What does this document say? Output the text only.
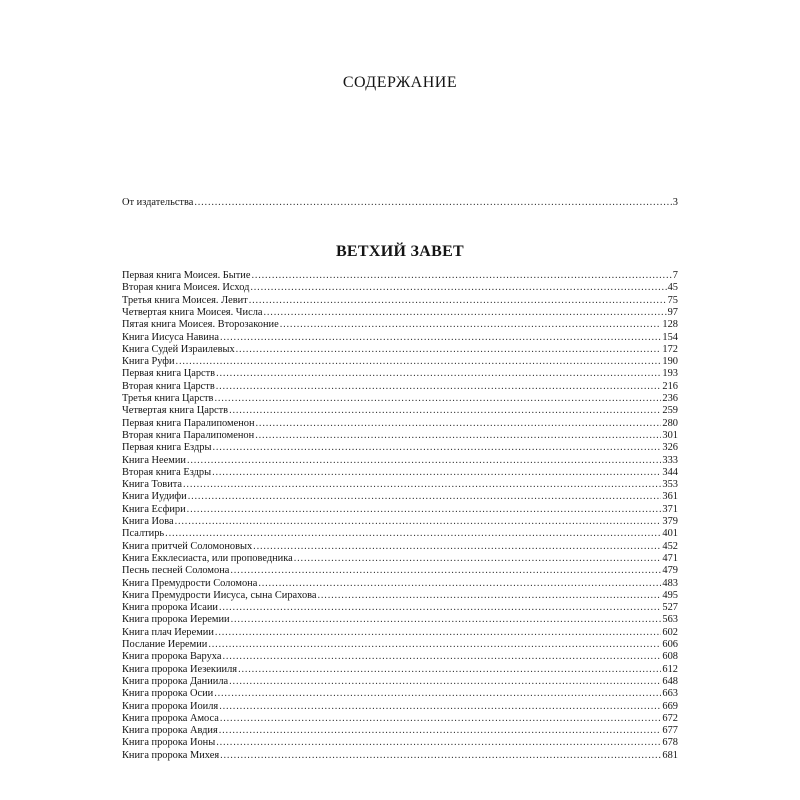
СОДЕРЖАНИЕ
От издательства .....	3
ВЕТХИЙ ЗАВЕТ
Первая книга Моисея. Бытие .....	7
Вторая книга Моисея. Исход .....	45
Третья книга Моисея. Левит .....	75
Четвертая книга Моисея. Числа .....	97
Пятая книга Моисея. Второзаконие .....	128
Книга Иисуса Навина .....	154
Книга Судей Израилевых .....	172
Книга Руфи .....	190
Первая книга Царств .....	193
Вторая книга Царств .....	216
Третья книга Царств .....	236
Четвертая книга Царств .....	259
Первая книга Паралипоменон .....	280
Вторая книга Паралипоменон .....	301
Первая книга Ездры .....	326
Книга Неемии .....	333
Вторая книга Ездры .....	344
Книга Товита .....	353
Книга Иудифи .....	361
Книга Есфири .....	371
Книга Иова .....	379
Псалтирь .....	401
Книга притчей Соломоновых .....	452
Книга Екклесиаста, или проповедника .....	471
Песнь песней Соломона .....	479
Книга Премудрости Соломона .....	483
Книга Премудрости Иисуса, сына Сирахова .....	495
Книга пророка Исаии .....	527
Книга пророка Иеремии .....	563
Книга плач Иеремии .....	602
Послание Иеремии .....	606
Книга пророка Варуха .....	608
Книга пророка Иезекииля .....	612
Книга пророка Даниила .....	648
Книга пророка Осии .....	663
Книга пророка Иоиля .....	669
Книга пророка Амоса .....	672
Книга пророка Авдия .....	677
Книга пророка Ионы .....	678
Книга пророка Михея .....	681
